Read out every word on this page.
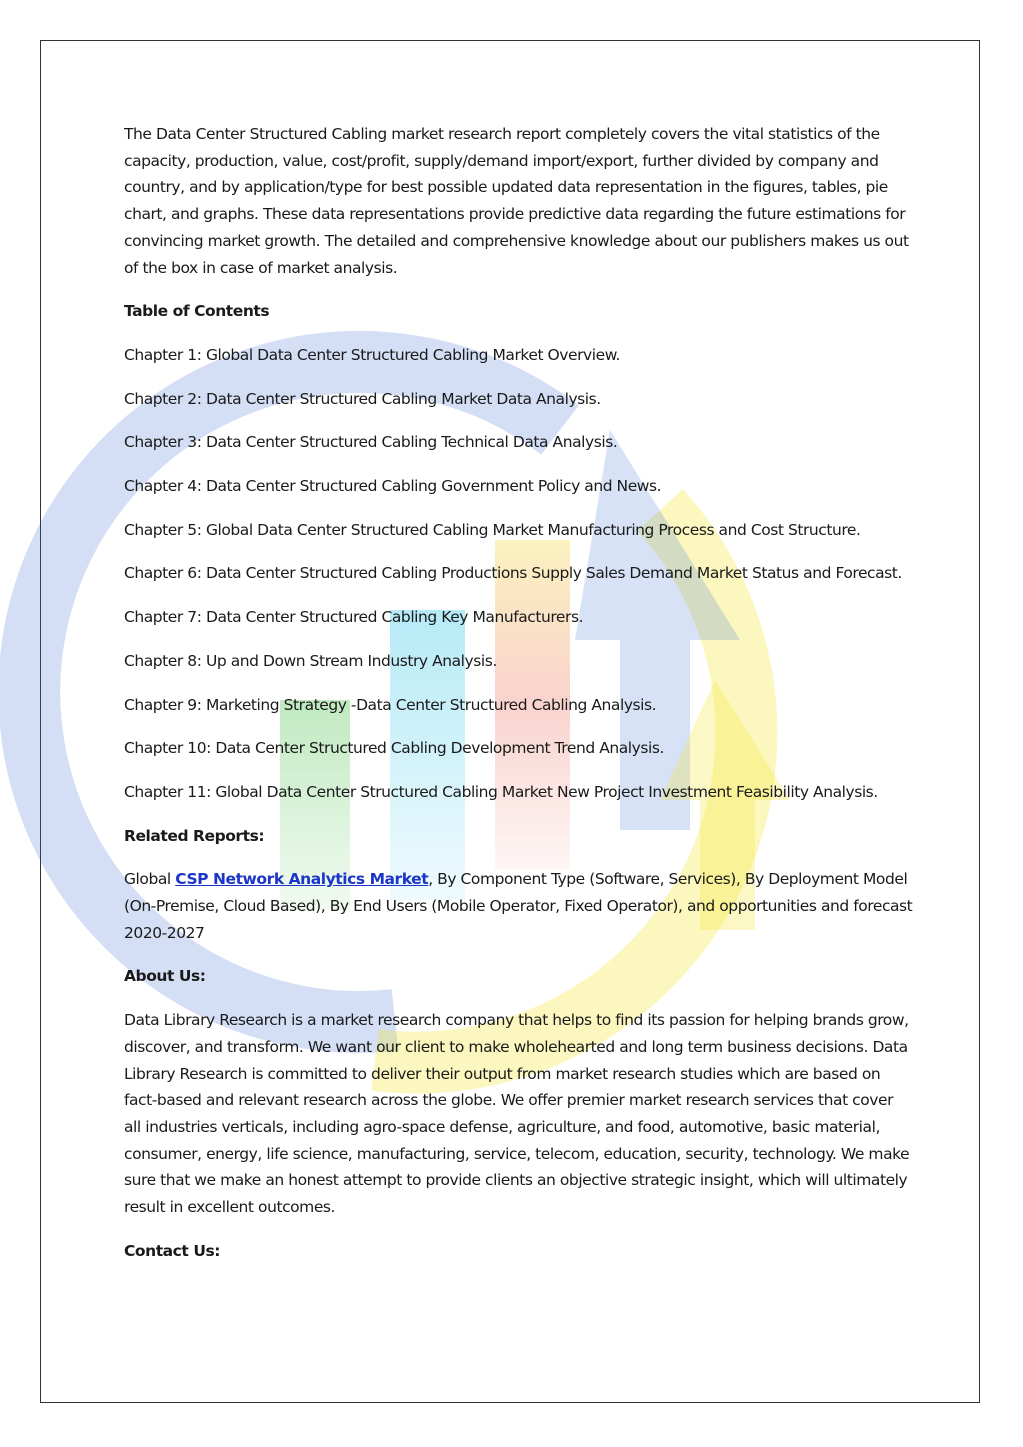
The Data Center Structured Cabling market research report completely covers the vital statistics of the capacity, production, value, cost/profit, supply/demand import/export, further divided by company and country, and by application/type for best possible updated data representation in the figures, tables, pie chart, and graphs. These data representations provide predictive data regarding the future estimations for convincing market growth. The detailed and comprehensive knowledge about our publishers makes us out of the box in case of market analysis.

Table of Contents

Chapter 1: Global Data Center Structured Cabling Market Overview.

Chapter 2: Data Center Structured Cabling Market Data Analysis.

Chapter 3: Data Center Structured Cabling Technical Data Analysis.

Chapter 4: Data Center Structured Cabling Government Policy and News.

Chapter 5: Global Data Center Structured Cabling Market Manufacturing Process and Cost Structure.

Chapter 6: Data Center Structured Cabling Productions Supply Sales Demand Market Status and Forecast.

Chapter 7: Data Center Structured Cabling Key Manufacturers.

Chapter 8: Up and Down Stream Industry Analysis.

Chapter 9: Marketing Strategy -Data Center Structured Cabling Analysis.

Chapter 10: Data Center Structured Cabling Development Trend Analysis.

Chapter 11: Global Data Center Structured Cabling Market New Project Investment Feasibility Analysis.

Related Reports:

Global CSP Network Analytics Market, By Component Type (Software, Services), By Deployment Model (On-Premise, Cloud Based), By End Users (Mobile Operator, Fixed Operator), and opportunities and forecast 2020-2027

About Us:

Data Library Research is a market research company that helps to find its passion for helping brands grow, discover, and transform. We want our client to make wholehearted and long term business decisions. Data Library Research is committed to deliver their output from market research studies which are based on fact-based and relevant research across the globe. We offer premier market research services that cover all industries verticals, including agro-space defense, agriculture, and food, automotive, basic material, consumer, energy, life science, manufacturing, service, telecom, education, security, technology. We make sure that we make an honest attempt to provide clients an objective strategic insight, which will ultimately result in excellent outcomes.

Contact Us:
